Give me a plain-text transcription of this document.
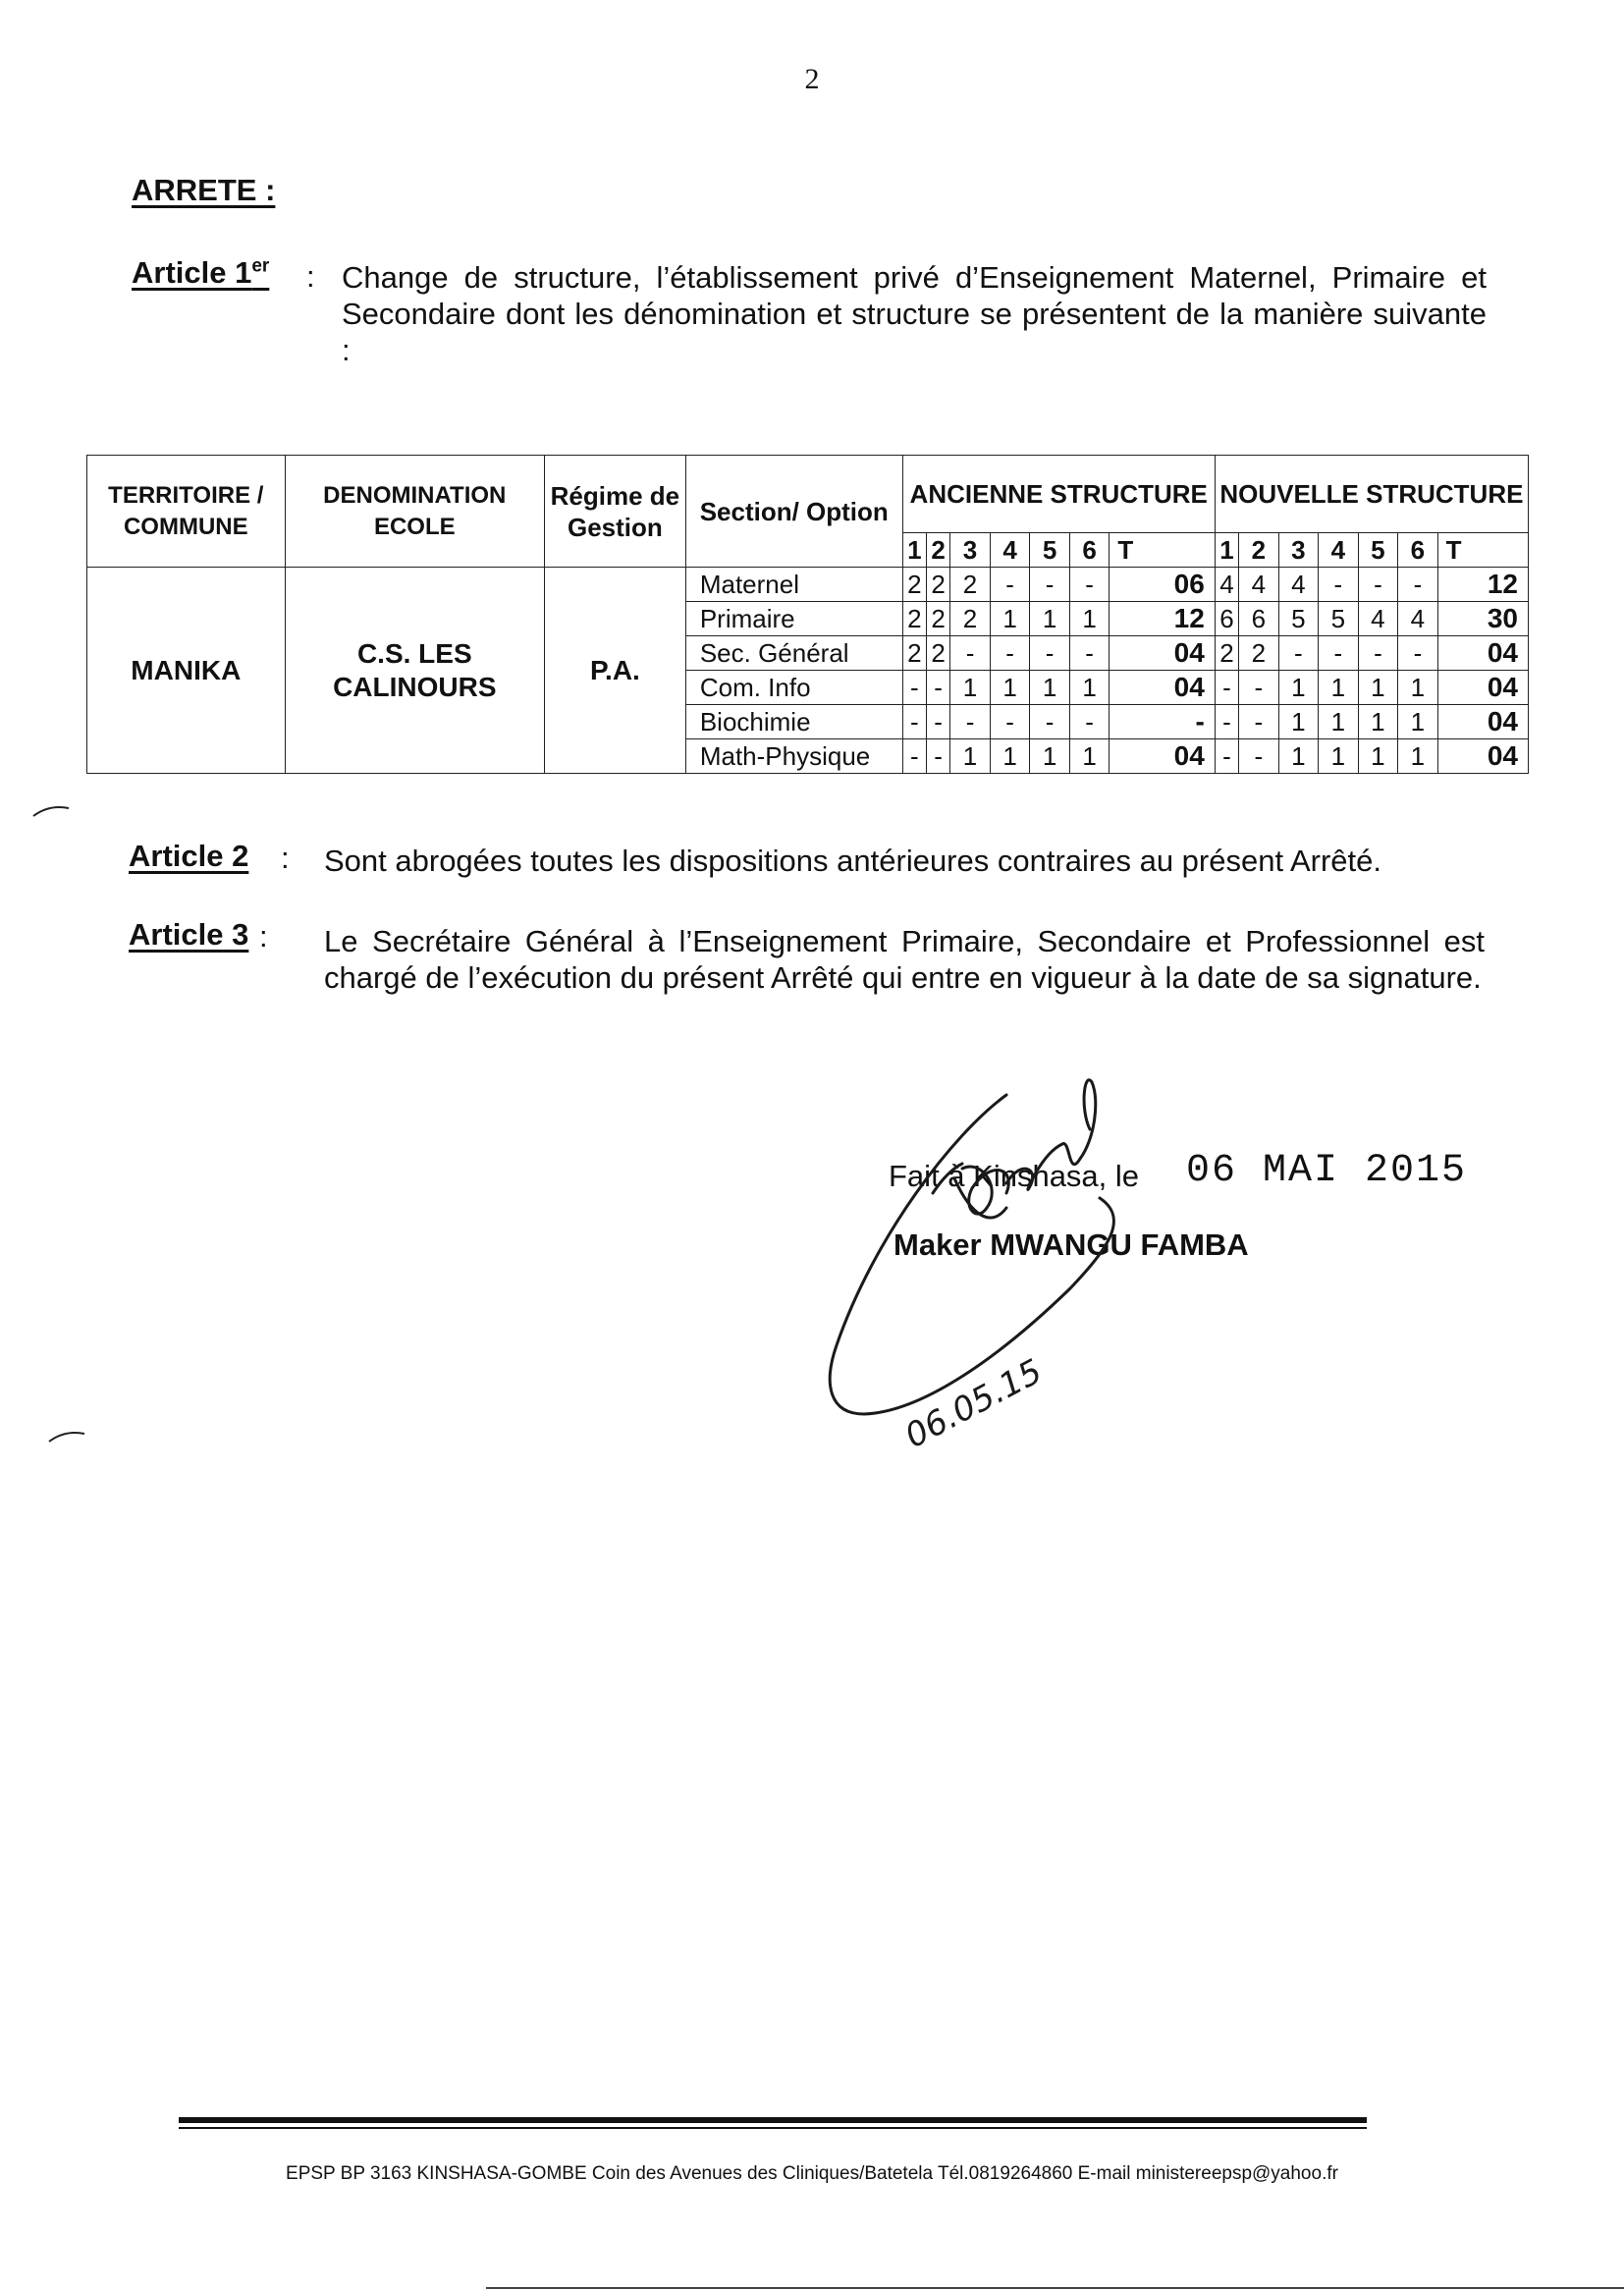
2
ARRETE :
Article 1er : Change de structure, l’établissement privé d’Enseignement Maternel, Primaire et Secondaire dont les dénomination et structure se présentent de la manière suivante :
TERRITOIRE / COMMUNE	DENOMINATION ECOLE	Régime de Gestion	Section/ Option	ANCIENNE STRUCTURE							NOUVELLE STRUCTURE						
				1	2	3	4	5	6	T	1	2	3	4	5	6	T
MANIKA	C.S. LES CALINOURS	P.A.	Maternel	2	2	2	-	-	-	06	4	4	4	-	-	-	12
			Primaire	2	2	2	1	1	1	12	6	6	5	5	4	4	30
			Sec. Général	2	2	-	-	-	-	04	2	2	-	-	-	-	04
			Com. Info	-	-	1	1	1	1	04	-	-	1	1	1	1	04
			Biochimie	-	-	-	-	-	-	-	-	-	1	1	1	1	04
			Math-Physique	-	-	1	1	1	1	04	-	-	1	1	1	1	04
Article 2 : Sont abrogées toutes les dispositions antérieures contraires au présent Arrêté.
Article 3 : Le Secrétaire Général à l’Enseignement Primaire, Secondaire et Professionnel est chargé de l’exécution du présent Arrêté qui entre en vigueur à la date de sa signature.
Fait à Kinshasa, le 06 MAI 2015
Maker MWANGU FAMBA
06.05.15
EPSP BP 3163 KINSHASA-GOMBE Coin des Avenues des Cliniques/Batetela Tél.0819264860 E-mail ministereepsp@yahoo.fr
